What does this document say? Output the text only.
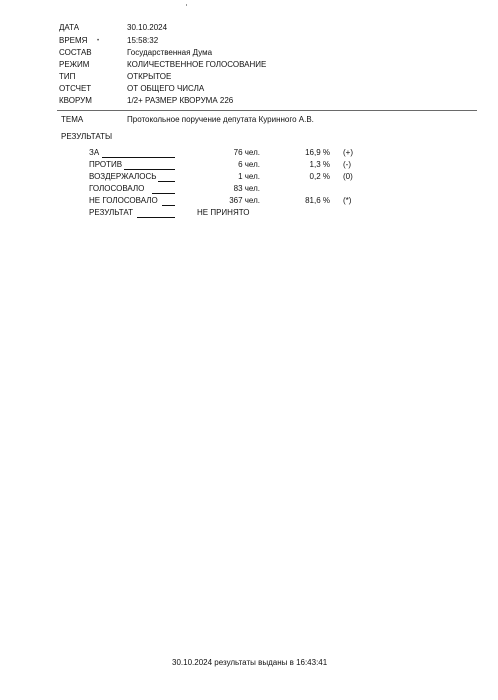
ДАТА	30.10.2024
ВРЕМЯ •	15:58:32
СОСТАВ	Государственная Дума
РЕЖИМ	КОЛИЧЕСТВЕННОЕ ГОЛОСОВАНИЕ
ТИП	ОТКРЫТОЕ
ОТСЧЕТ	ОТ ОБЩЕГО ЧИСЛА
КВОРУМ	1/2+ РАЗМЕР КВОРУМА 226
ТЕМА	Протокольное поручение депутата Куринного А.В.
РЕЗУЛЬТАТЫ
ЗА	76 чел.	16,9 % (+)
ПРОТИВ	6 чел.	1,3 % (-)
ВОЗДЕРЖАЛОСЬ	1 чел.	0,2 % (0)
ГОЛОСОВАЛО	83 чел.
НЕ ГОЛОСОВАЛО	367 чел.	81,6 % (*)
РЕЗУЛЬТАТ	НЕ ПРИНЯТО
30.10.2024 результаты выданы в 16:43:41
